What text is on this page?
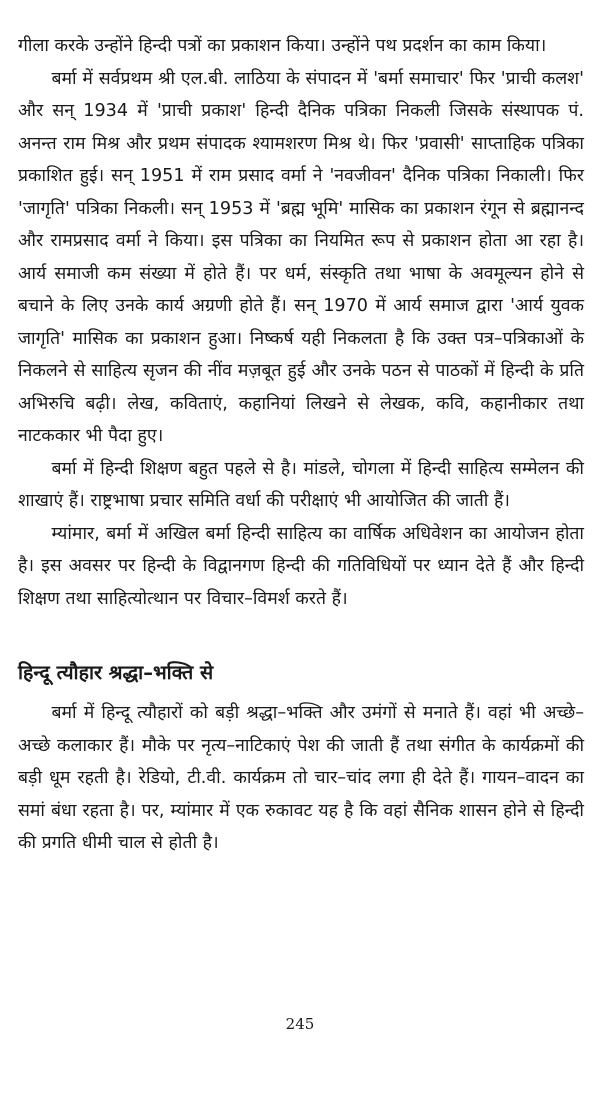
गीला करके उन्होंने हिन्दी पत्रों का प्रकाशन किया। उन्होंने पथ प्रदर्शन का काम किया।

बर्मा में सर्वप्रथम श्री एल.बी. लाठिया के संपादन में 'बर्मा समाचार' फिर 'प्राची कलश' और सन् 1934 में 'प्राची प्रकाश' हिन्दी दैनिक पत्रिका निकली जिसके संस्थापक पं. अनन्त राम मिश्र और प्रथम संपादक श्यामशरण मिश्र थे। फिर 'प्रवासी' साप्ताहिक पत्रिका प्रकाशित हुई। सन् 1951 में राम प्रसाद वर्मा ने 'नवजीवन' दैनिक पत्रिका निकाली। फिर 'जागृति' पत्रिका निकली। सन् 1953 में 'ब्रह्म भूमि' मासिक का प्रकाशन रंगून से ब्रह्मानन्द और रामप्रसाद वर्मा ने किया। इस पत्रिका का नियमित रूप से प्रकाशन होता आ रहा है। आर्य समाजी कम संख्या में होते हैं। पर धर्म, संस्कृति तथा भाषा के अवमूल्यन होने से बचाने के लिए उनके कार्य अग्रणी होते हैं। सन् 1970 में आर्य समाज द्वारा 'आर्य युवक जागृति' मासिक का प्रकाशन हुआ। निष्कर्ष यही निकलता है कि उक्त पत्र–पत्रिकाओं के निकलने से साहित्य सृजन की नींव मज़बूत हुई और उनके पठन से पाठकों में हिन्दी के प्रति अभिरुचि बढ़ी। लेख, कविताएं, कहानियां लिखने से लेखक, कवि, कहानीकार तथा नाटककार भी पैदा हुए।

बर्मा में हिन्दी शिक्षण बहुत पहले से है। मांडले, चोगला में हिन्दी साहित्य सम्मेलन की शाखाएं हैं। राष्ट्रभाषा प्रचार समिति वर्धा की परीक्षाएं भी आयोजित की जाती हैं।

म्यांमार, बर्मा में अखिल बर्मा हिन्दी साहित्य का वार्षिक अधिवेशन का आयोजन होता है। इस अवसर पर हिन्दी के विद्वानगण हिन्दी की गतिविधियों पर ध्यान देते हैं और हिन्दी शिक्षण तथा साहित्योत्थान पर विचार–विमर्श करते हैं।

हिन्दू त्यौहार श्रद्धा–भक्ति से

बर्मा में हिन्दू त्यौहारों को बड़ी श्रद्धा–भक्ति और उमंगों से मनाते हैं। वहां भी अच्छे–अच्छे कलाकार हैं। मौके पर नृत्य–नाटिकाएं पेश की जाती हैं तथा संगीत के कार्यक्रमों की बड़ी धूम रहती है। रेडियो, टी.वी. कार्यक्रम तो चार–चांद लगा ही देते हैं। गायन–वादन का समां बंधा रहता है। पर, म्यांमार में एक रुकावट यह है कि वहां सैनिक शासन होने से हिन्दी की प्रगति धीमी चाल से होती है।

245
